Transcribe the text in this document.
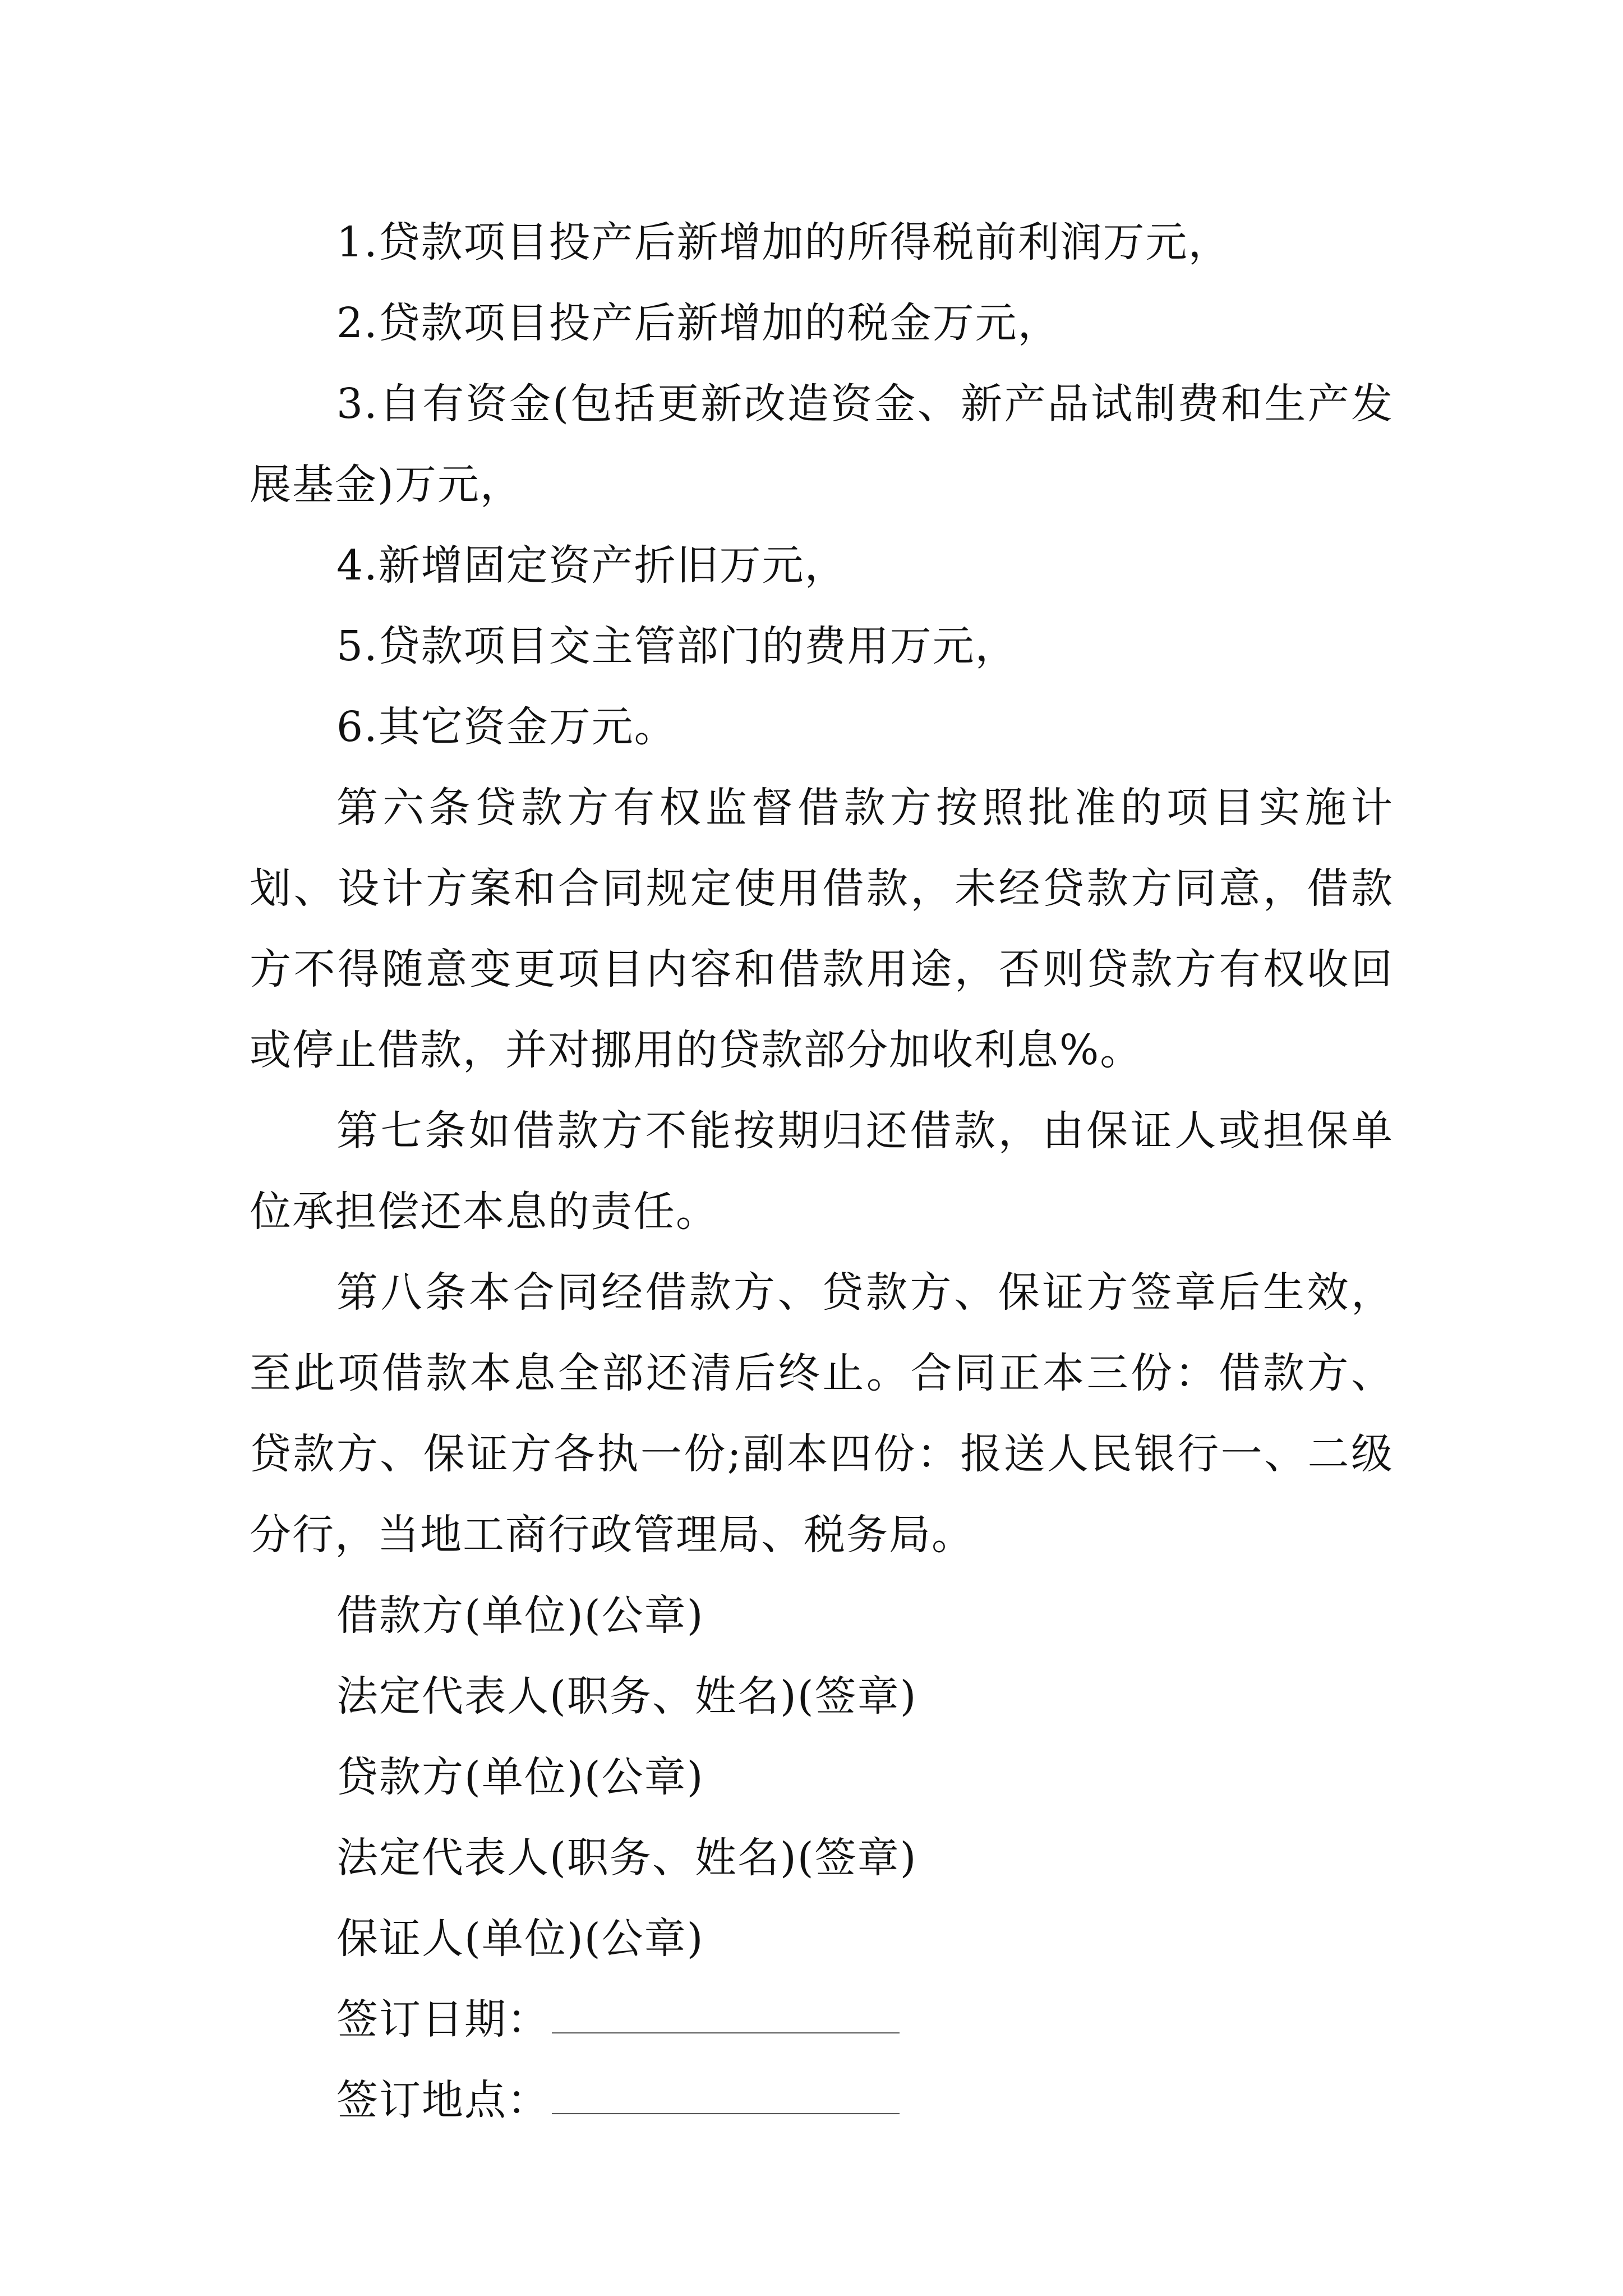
1.贷款项目投产后新增加的所得税前利润万元，

2.贷款项目投产后新增加的税金万元，

3.自有资金(包括更新改造资金、新产品试制费和生产发展基金)万元，

4.新增固定资产折旧万元，

5.贷款项目交主管部门的费用万元，

6.其它资金万元。

第六条贷款方有权监督借款方按照批准的项目实施计划、设计方案和合同规定使用借款，未经贷款方同意，借款方不得随意变更项目内容和借款用途，否则贷款方有权收回或停止借款，并对挪用的贷款部分加收利息%。

第七条如借款方不能按期归还借款，由保证人或担保单位承担偿还本息的责任。

第八条本合同经借款方、贷款方、保证方签章后生效，至此项借款本息全部还清后终止。合同正本三份：借款方、贷款方、保证方各执一份;副本四份：报送人民银行一、二级分行，当地工商行政管理局、税务局。

借款方(单位)(公章)

法定代表人(职务、姓名)(签章)

贷款方(单位)(公章)

法定代表人(职务、姓名)(签章)

保证人(单位)(公章)

签订日期：

签订地点：
